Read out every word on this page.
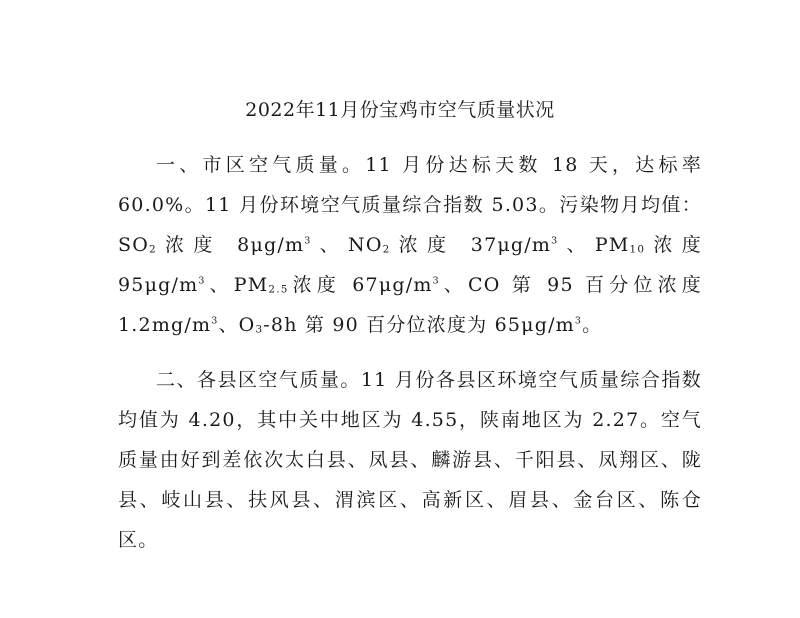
2022年11月份宝鸡市空气质量状况

一、市区空气质量。11 月份达标天数 18 天，达标率 60.0%。11 月份环境空气质量综合指数 5.03。污染物月均值：$SO_2$浓度 $8\mu g/m^3$、$NO_2$浓度 $37\mu g/m^3$、$PM_{10}$浓度 $95\mu g/m^3$、$PM_{2.5}$浓度 $67\mu g/m^3$、CO 第 95 百分位浓度 $1.2mg/m^3$、$O_3-8h$ 第 90 百分位浓度为 $65\mu g/m^3$。

二、各县区空气质量。11 月份各县区环境空气质量综合指数均值为 4.20，其中关中地区为 4.55，陕南地区为 2.27。空气质量由好到差依次太白县、凤县、麟游县、千阳县、凤翔区、陇县、岐山县、扶风县、渭滨区、高新区、眉县、金台区、陈仓区。
